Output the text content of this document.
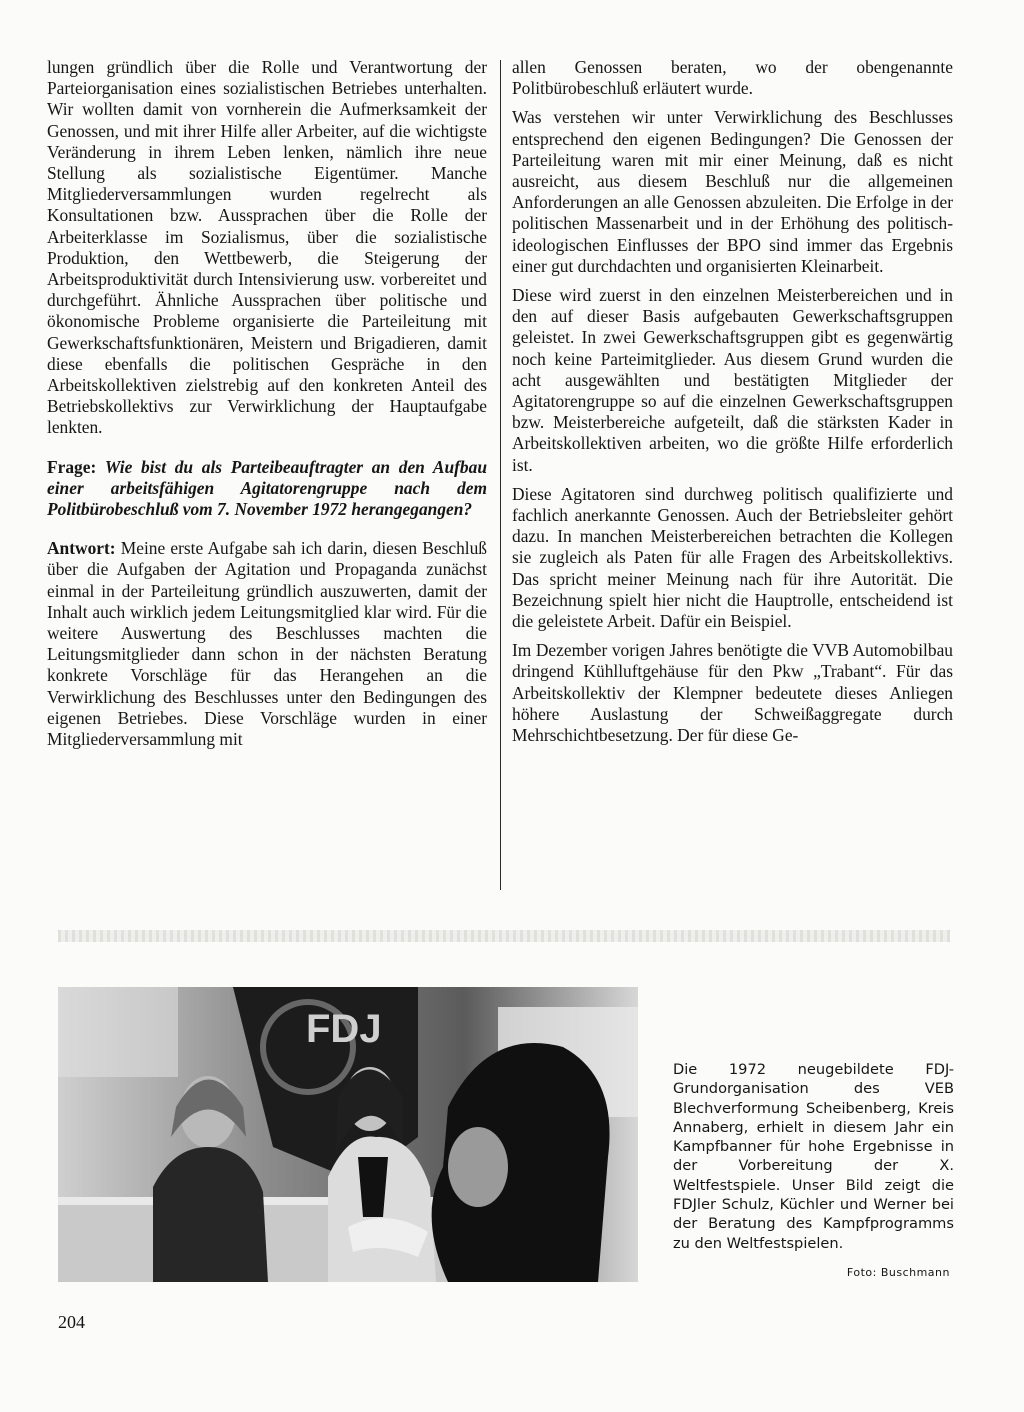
lungen gründlich über die Rolle und Verantwortung der Parteiorganisation eines sozialistischen Betriebes unterhalten. Wir wollten damit von vornherein die Aufmerksamkeit der Genossen, und mit ihrer Hilfe aller Arbeiter, auf die wichtigste Veränderung in ihrem Leben lenken, nämlich ihre neue Stellung als sozialistische Eigentümer. Manche Mitgliederversammlungen wurden regelrecht als Konsultationen bzw. Aussprachen über die Rolle der Arbeiterklasse im Sozialismus, über die sozialistische Produktion, den Wettbewerb, die Steigerung der Arbeitsproduktivität durch Intensivierung usw. vorbereitet und durchgeführt. Ähnliche Aussprachen über politische und ökonomische Probleme organisierte die Parteileitung mit Gewerkschaftsfunktionären, Meistern und Brigadieren, damit diese ebenfalls die politischen Gespräche in den Arbeitskollektiven zielstrebig auf den konkreten Anteil des Betriebskollektivs zur Verwirklichung der Hauptaufgabe lenkten.

Frage: Wie bist du als Parteibeauftragter an den Aufbau einer arbeitsfähigen Agitatorengruppe nach dem Politbürobeschluß vom 7. November 1972 herangegangen?

Antwort: Meine erste Aufgabe sah ich darin, diesen Beschluß über die Aufgaben der Agitation und Propaganda zunächst einmal in der Parteileitung gründlich auszuwerten, damit der Inhalt auch wirklich jedem Leitungsmitglied klar wird. Für die weitere Auswertung des Beschlusses machten die Leitungsmitglieder dann schon in der nächsten Beratung konkrete Vorschläge für das Herangehen an die Verwirklichung des Beschlusses unter den Bedingungen des eigenen Betriebes. Diese Vorschläge wurden in einer Mitgliederversammlung mit

allen Genossen beraten, wo der obengenannte Politbürobeschluß erläutert wurde.

Was verstehen wir unter Verwirklichung des Beschlusses entsprechend den eigenen Bedingungen? Die Genossen der Parteileitung waren mit mir einer Meinung, daß es nicht ausreicht, aus diesem Beschluß nur die allgemeinen Anforderungen an alle Genossen abzuleiten. Die Erfolge in der politischen Massenarbeit und in der Erhöhung des politisch-ideologischen Einflusses der BPO sind immer das Ergebnis einer gut durchdachten und organisierten Kleinarbeit.

Diese wird zuerst in den einzelnen Meisterbereichen und in den auf dieser Basis aufgebauten Gewerkschaftsgruppen geleistet. In zwei Gewerkschaftsgruppen gibt es gegenwärtig noch keine Parteimitglieder. Aus diesem Grund wurden die acht ausgewählten und bestätigten Mitglieder der Agitatorengruppe so auf die einzelnen Gewerkschaftsgruppen bzw. Meisterbereiche aufgeteilt, daß die stärksten Kader in Arbeitskollektiven arbeiten, wo die größte Hilfe erforderlich ist.

Diese Agitatoren sind durchweg politisch qualifizierte und fachlich anerkannte Genossen. Auch der Betriebsleiter gehört dazu. In manchen Meisterbereichen betrachten die Kollegen sie zugleich als Paten für alle Fragen des Arbeitskollektivs. Das spricht meiner Meinung nach für ihre Autorität. Die Bezeichnung spielt hier nicht die Hauptrolle, entscheidend ist die geleistete Arbeit. Dafür ein Beispiel.

Im Dezember vorigen Jahres benötigte die VVB Automobilbau dringend Kühlluftgehäuse für den Pkw „Trabant“. Für das Arbeitskollektiv der Klempner bedeutete dieses Anliegen höhere Auslastung der Schweißaggregate durch Mehrschichtbesetzung. Der für diese Ge-

FDJ
Die 1972 neugebildete FDJ-Grundorganisation des VEB Blechverformung Scheibenberg, Kreis Annaberg, erhielt in diesem Jahr ein Kampfbanner für hohe Ergebnisse in der Vorbereitung der X. Weltfestspiele. Unser Bild zeigt die FDJler Schulz, Küchler und Werner bei der Beratung des Kampfprogramms zu den Weltfestspielen.
Foto: Buschmann
204
